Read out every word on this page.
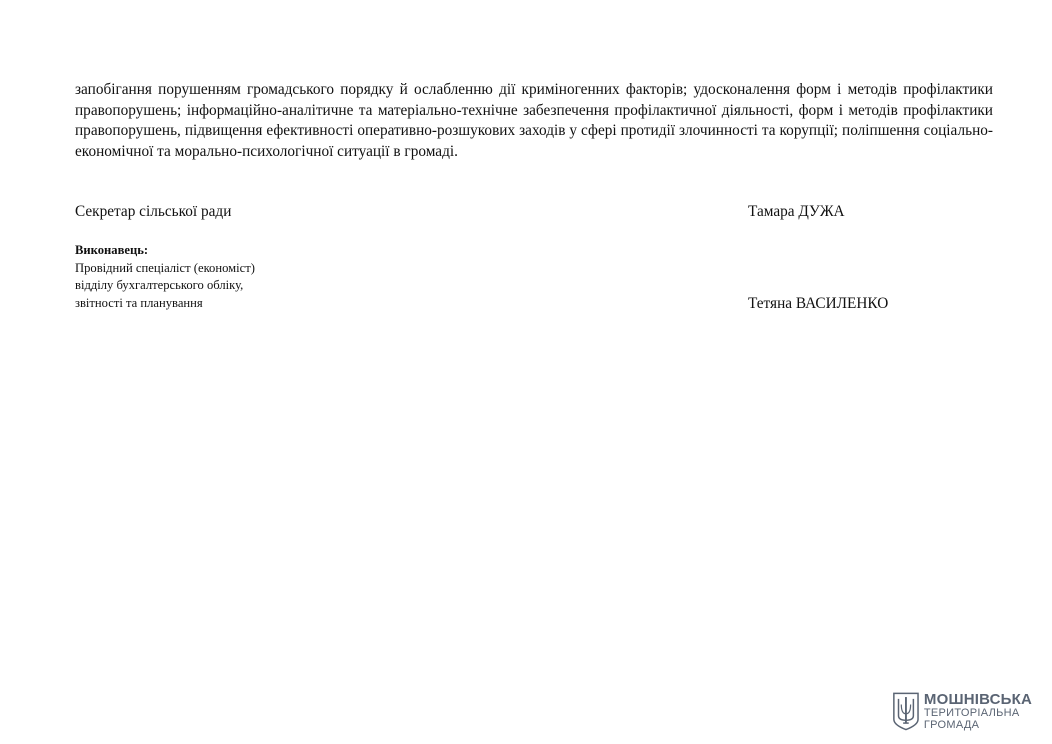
запобігання порушенням громадського порядку й ослабленню дії криміногенних факторів; удосконалення форм і методів профілактики правопорушень; інформаційно-аналітичне та матеріально-технічне забезпечення профілактичної діяльності, форм і методів профілактики правопорушень, підвищення ефективності оперативно-розшукових заходів у сфері протидії злочинності та корупції; поліпшення соціально-економічної та морально-психологічної ситуації в громаді.

Секретар сільської ради	Тамара ДУЖА
Виконавець:
Провідний спеціаліст (економіст)
відділу бухгалтерського обліку,
звітності та планування	Тетяна ВАСИЛЕНКО
МОШНІВСЬКА
ТЕРИТОРІАЛЬНА
ГРОМАДА
